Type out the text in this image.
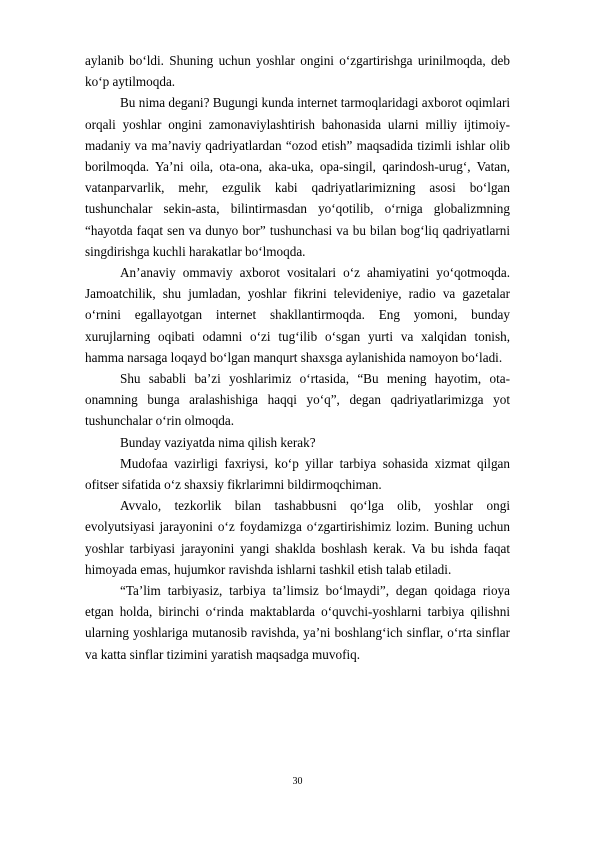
aylanib bo‘ldi. Shuning uchun yoshlar ongini o‘zgartirishga urinilmoqda, deb ko‘p aytilmoqda.

Bu nima degani? Bugungi kunda internet tarmoqlaridagi axborot oqimlari orqali yoshlar ongini zamonaviylashtirish bahonasida ularni milliy ijtimoiy-madaniy va maʼnaviy qadriyatlardan “ozod etish” maqsadida tizimli ishlar olib borilmoqda. Yaʼni oila, ota-ona, aka-uka, opa-singil, qarindosh-urug‘, Vatan, vatanparvarlik, mehr, ezgulik kabi qadriyatlarimizning asosi bo‘lgan tushunchalar sekin-asta, bilintirmasdan yo‘qotilib, o‘rniga globalizmning “hayotda faqat sen va dunyo bor” tushunchasi va bu bilan bog‘liq qadriyatlarni singdirishga kuchli harakatlar bo‘lmoqda.

Anʼanaviy ommaviy axborot vositalari o‘z ahamiyatini yo‘qotmoqda. Jamoatchilik, shu jumladan, yoshlar fikrini televideniye, radio va gazetalar o‘rnini egallayotgan internet shakllantirmoqda. Eng yomoni, bunday xurujlarning oqibati odamni o‘zi tug‘ilib o‘sgan yurti va xalqidan tonish, hamma narsaga loqayd bo‘lgan manqurt shaxsga aylanishida namoyon bo‘ladi.

Shu sababli baʼzi yoshlarimiz o‘rtasida, “Bu mening hayotim, ota-onamning bunga aralashishiga haqqi yo‘q”, degan qadriyatlarimizga yot tushunchalar o‘rin olmoqda.

Bunday vaziyatda nima qilish kerak?

Mudofaa vazirligi faxriysi, ko‘p yillar tarbiya sohasida xizmat qilgan ofitser sifatida o‘z shaxsiy fikrlarimni bildirmoqchiman.

Avvalo, tezkorlik bilan tashabbusni qo‘lga olib, yoshlar ongi evolyutsiyasi jarayonini o‘z foydamizga o‘zgartirishimiz lozim. Buning uchun yoshlar tarbiyasi jarayonini yangi shaklda boshlash kerak. Va bu ishda faqat himoyada emas, hujumkor ravishda ishlarni tashkil etish talab etiladi.

“Taʼlim tarbiyasiz, tarbiya taʼlimsiz bo‘lmaydi”, degan qoidaga rioya etgan holda, birinchi o‘rinda maktablarda o‘quvchi-yoshlarni tarbiya qilishni ularning yoshlariga mutanosib ravishda, yaʼni boshlang‘ich sinflar, o‘rta sinflar va katta sinflar tizimini yaratish maqsadga muvofiq.

30
